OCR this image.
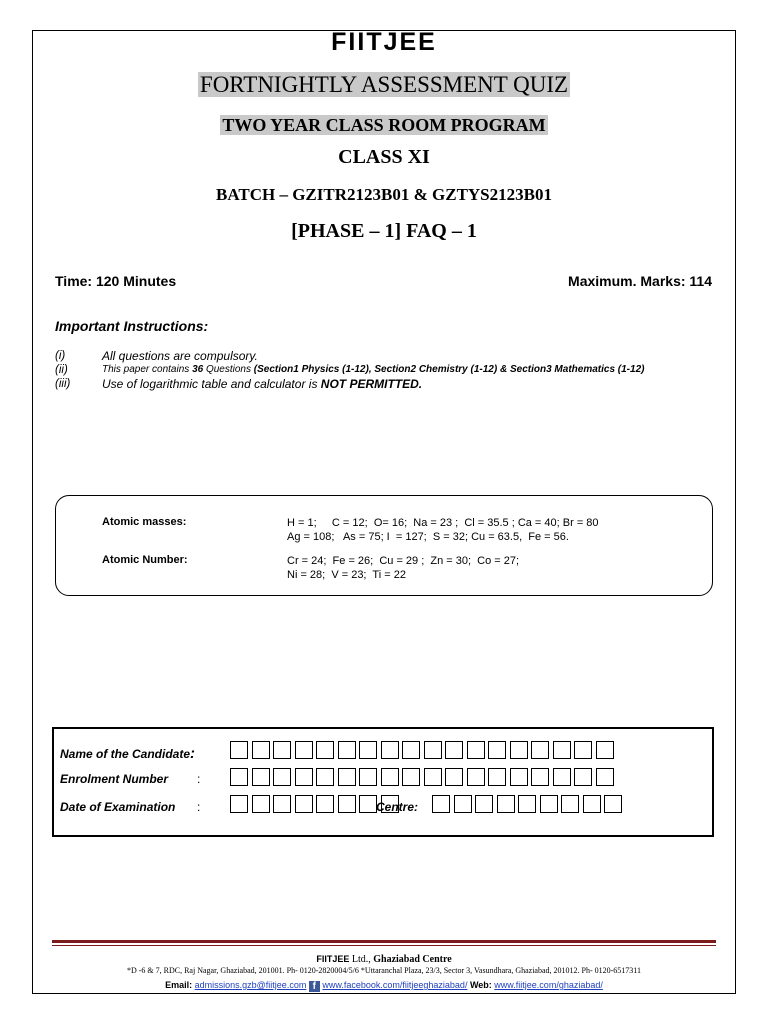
FIITJEE
FORTNIGHTLY ASSESSMENT QUIZ
TWO YEAR CLASS ROOM PROGRAM
CLASS XI
BATCH – GZITR2123B01 & GZTYS2123B01
[PHASE – 1] FAQ – 1
Time: 120 Minutes	Maximum. Marks: 114
Important Instructions:
(i)	All questions are compulsory.
(ii)	This paper contains 36 Questions (Section1 Physics (1-12), Section2 Chemistry (1-12) & Section3 Mathematics (1-12)
(iii)	Use of logarithmic table and calculator is NOT PERMITTED.
Atomic masses:	H = 1;     C = 12;  O= 16;  Na = 23 ;  Cl = 35.5 ; Ca = 40; Br = 80
Ag = 108;   As = 75; I  = 127;  S = 32; Cu = 63.5,  Fe = 56.
Atomic Number:	Cr = 24;  Fe = 26;  Cu = 29 ;  Zn = 30;  Co = 27;
Ni = 28;  V = 23;  Ti = 22
Name of the Candidate:
Enrolment Number :
Date of Examination :	Centre:
FIITJEE Ltd., Ghaziabad Centre
*D -6 & 7, RDC, Raj Nagar, Ghaziabad, 201001. Ph- 0120-2820004/5/6 *Uttaranchal Plaza, 23/3, Sector 3, Vasundhara, Ghaziabad, 201012. Ph- 0120-6517311
Email: admissions.gzb@fiitjee.com f www.facebook.com/fiitjeeghaziabad/ Web: www.fiitjee.com/ghaziabad/
